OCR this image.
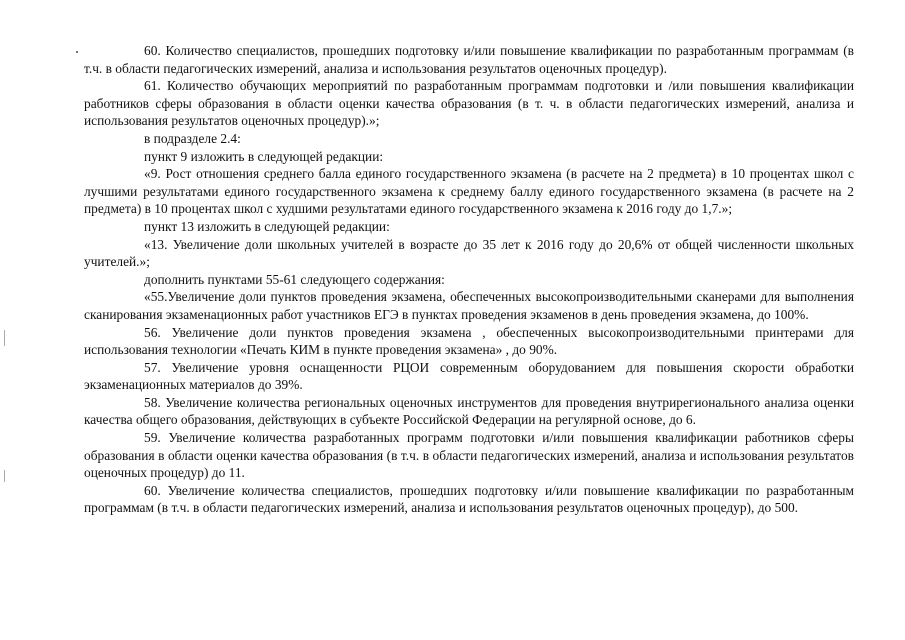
60. Количество специалистов, прошедших подготовку и/или повышение квалификации по разработанным программам (в т.ч. в области педагогических измерений, анализа и использования результатов оценочных процедур).

61. Количество обучающих мероприятий по разработанным программам подготовки и /или повышения квалификации работников сферы образования в области оценки качества образования (в т. ч. в области педагогических измерений, анализа и использования результатов оценочных процедур).»;

в подразделе 2.4:

пункт 9 изложить в следующей редакции:

«9. Рост отношения среднего балла единого государственного экзамена (в расчете на 2 предмета) в 10 процентах школ с лучшими результатами единого государственного экзамена к среднему баллу единого государственного экзамена (в расчете на 2 предмета) в 10 процентах школ с худшими результатами единого государственного экзамена к 2016 году до 1,7.»;

пункт 13 изложить в следующей редакции:

«13. Увеличение доли школьных учителей в возрасте до 35 лет к 2016 году до 20,6% от общей численности школьных учителей.»;

дополнить пунктами 55-61 следующего содержания:

«55.Увеличение доли пунктов проведения экзамена, обеспеченных высокопроизводительными сканерами для выполнения сканирования экзаменационных работ участников ЕГЭ в пунктах проведения экзаменов в день проведения экзамена, до 100%.

56. Увеличение доли пунктов проведения экзамена , обеспеченных высокопроизводительными принтерами для использования технологии «Печать КИМ в пункте проведения экзамена» , до 90%.

57. Увеличение уровня оснащенности РЦОИ современным оборудованием для повышения скорости обработки экзаменационных материалов до 39%.

58. Увеличение количества региональных оценочных инструментов для проведения внутрирегионального анализа оценки качества общего образования, действующих в субъекте Российской Федерации на регулярной основе, до 6.

59. Увеличение количества разработанных программ подготовки и/или повышения квалификации работников сферы образования в области оценки качества образования (в т.ч. в области педагогических измерений, анализа и использования результатов оценочных процедур) до 11.

60. Увеличение количества специалистов, прошедших подготовку и/или повышение квалификации по разработанным программам (в т.ч. в области педагогических измерений, анализа и использования результатов оценочных процедур), до 500.
